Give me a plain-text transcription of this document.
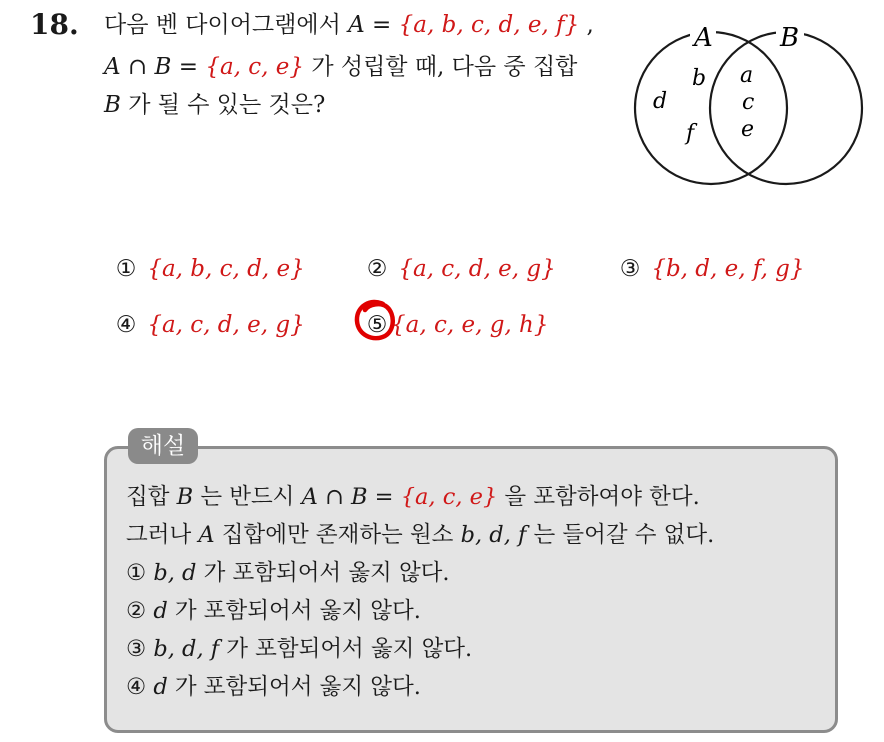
18. 다음 벤 다이어그램에서 A = {a, b, c, d, e, f} ,
A ∩ B = {a, c, e} 가 성립할 때, 다음 중 집합
B 가 될 수 있는 것은?
A	B
b
d
f
a
c
e
① {a, b, c, d, e}	② {a, c, d, e, g}	③ {b, d, e, f, g}
④ {a, c, d, e, g}	⑤ {a, c, e, g, h}
해설
집합 B 는 반드시 A ∩ B = {a, c, e} 을 포함하여야 한다.
그러나 A 집합에만 존재하는 원소 b, d, f 는 들어갈 수 없다.
① b, d 가 포함되어서 옳지 않다.
② d 가 포함되어서 옳지 않다.
③ b, d, f 가 포함되어서 옳지 않다.
④ d 가 포함되어서 옳지 않다.
